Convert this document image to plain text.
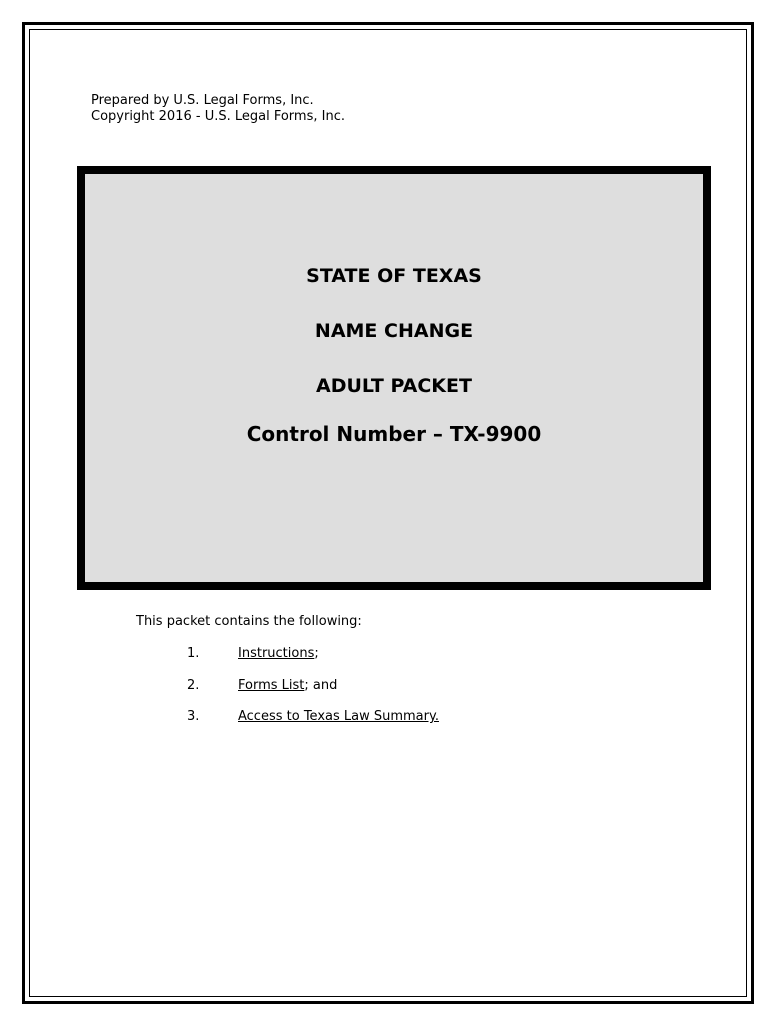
Prepared by U.S. Legal Forms, Inc.
Copyright 2016 - U.S. Legal Forms, Inc.
STATE OF TEXAS
NAME CHANGE
ADULT PACKET
Control Number – TX-9900
This packet contains the following:
1.	Instructions;
2.	Forms List; and
3.	Access to Texas Law Summary.
